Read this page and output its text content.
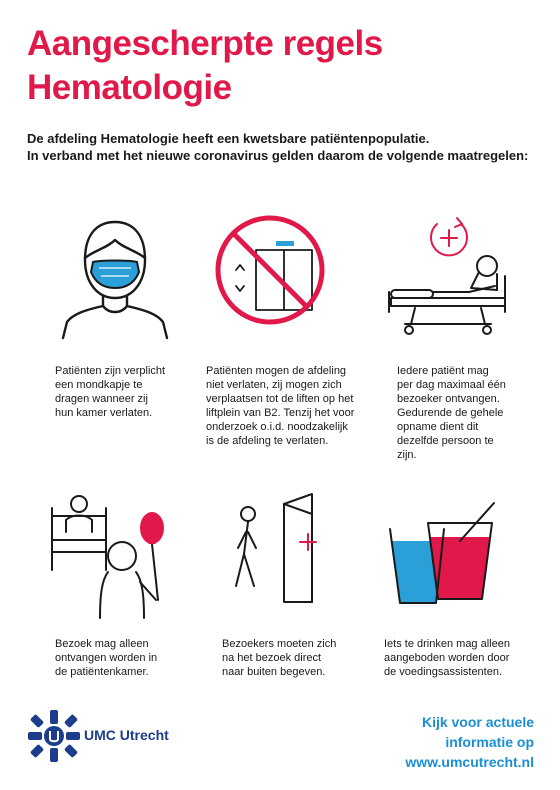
Aangescherpte regels
Hematologie
De afdeling Hematologie heeft een kwetsbare patiëntenpopulatie.
In verband met het nieuwe coronavirus gelden daarom de volgende maatregelen:
Patiënten zijn verplicht
een mondkapje te
dragen wanneer zij
hun kamer verlaten.
Patiënten mogen de afdeling
niet verlaten, zij mogen zich
verplaatsen tot de liften op het
liftplein van B2. Tenzij het voor
onderzoek o.i.d. noodzakelijk
is de afdeling te verlaten.
Iedere patiënt mag
per dag maximaal één
bezoeker ontvangen.
Gedurende de gehele
opname dient dit
dezelfde persoon te
zijn.
Bezoek mag alleen
ontvangen worden in
de patiëntenkamer.
Bezoekers moeten zich
na het bezoek direct
naar buiten begeven.
Iets te drinken mag alleen
aangeboden worden door
de voedingsassistenten.
UMC Utrecht
Kijk voor actuele
informatie op
www.umcutrecht.nl
